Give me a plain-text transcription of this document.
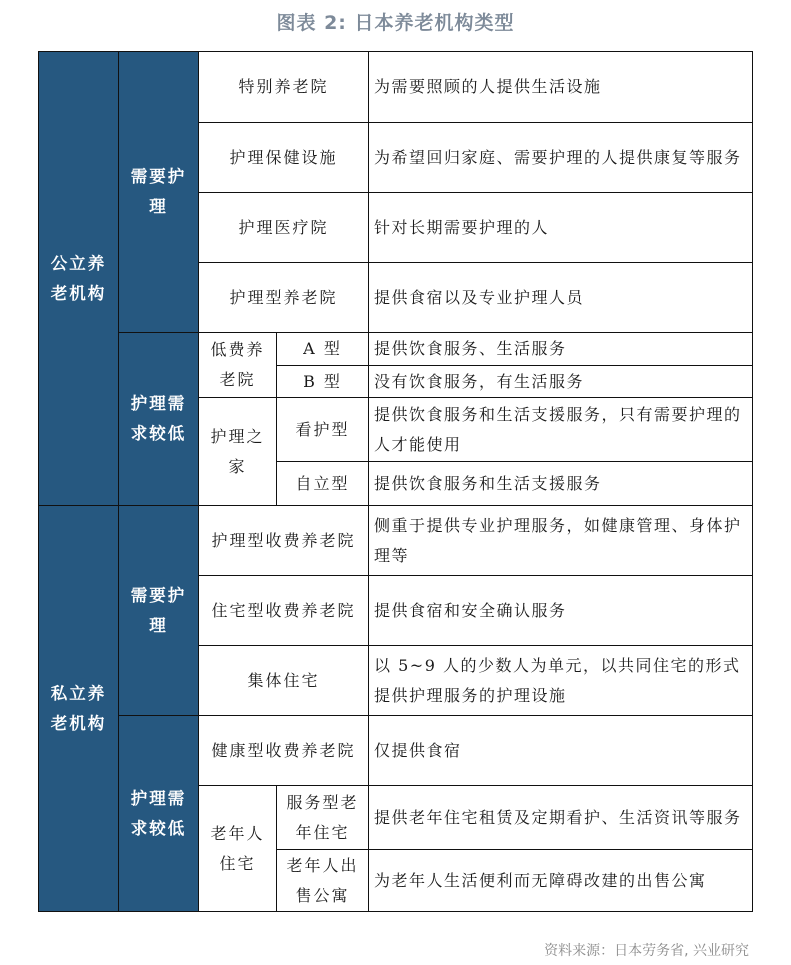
图表 2: 日本养老机构类型
公立养老机构	需要护理	特别养老院		为需要照顾的人提供生活设施
		护理保健设施		为希望回归家庭、需要护理的人提供康复等服务
		护理医疗院		针对长期需要护理的人
		护理型养老院		提供食宿以及专业护理人员
	护理需求较低	低费养老院	A 型	提供饮食服务、生活服务
			B 型	没有饮食服务，有生活服务
		护理之家	看护型	提供饮食服务和生活支援服务，只有需要护理的人才能使用
			自立型	提供饮食服务和生活支援服务
私立养老机构	需要护理	护理型收费养老院		侧重于提供专业护理服务，如健康管理、身体护理等
		住宅型收费养老院		提供食宿和安全确认服务
		集体住宅		以 5~9 人的少数人为单元，以共同住宅的形式提供护理服务的护理设施
	护理需求较低	健康型收费养老院		仅提供食宿
		老年人住宅	服务型老年住宅	提供老年住宅租赁及定期看护、生活资讯等服务
			老年人出售公寓	为老年人生活便利而无障碍改建的出售公寓
资料来源：日本劳务省, 兴业研究
